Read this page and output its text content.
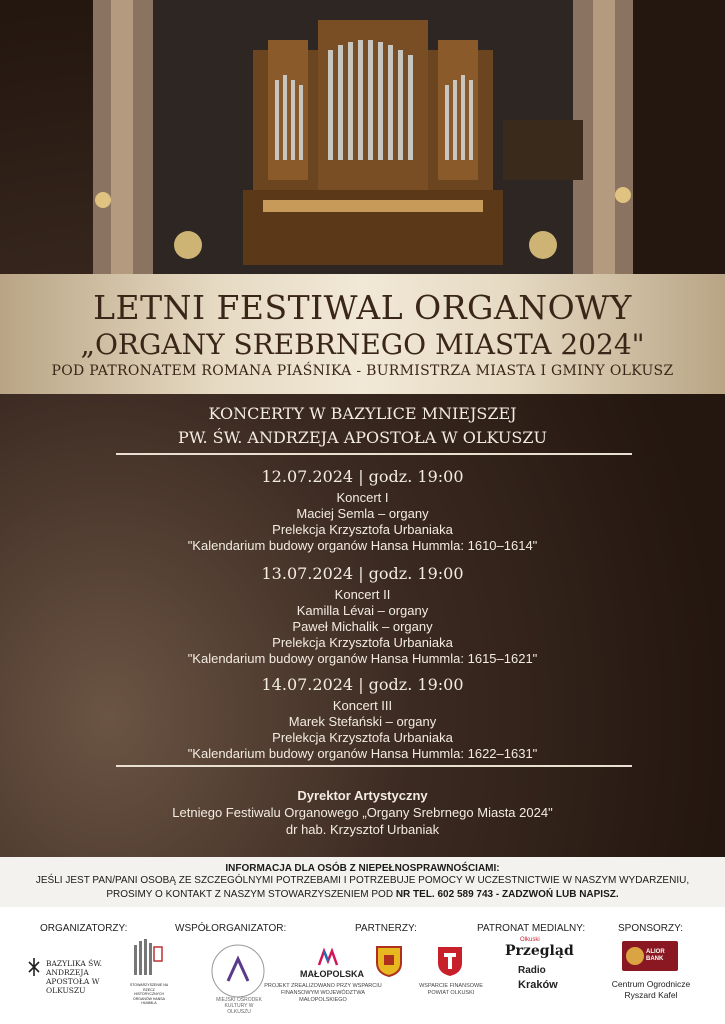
LETNI FESTIWAL ORGANOWY
„ORGANY SREBRNEGO MIASTA 2024"
POD PATRONATEM ROMANA PIAŚNIKA - BURMISTRZA MIASTA I GMINY OLKUSZ
KONCERTY W BAZYLICE MNIEJSZEJ
PW. ŚW. ANDRZEJA APOSTOŁA W OLKUSZU
12.07.2024 | godz. 19:00
Koncert I
Maciej Semla – organy
Prelekcja Krzysztofa Urbaniaka
"Kalendarium budowy organów Hansa Hummla: 1610–1614"
13.07.2024 | godz. 19:00
Koncert II
Kamilla Lévai – organy
Paweł Michalik – organy
Prelekcja Krzysztofa Urbaniaka
"Kalendarium budowy organów Hansa Hummla: 1615–1621"
14.07.2024 | godz. 19:00
Koncert III
Marek Stefański – organy
Prelekcja Krzysztofa Urbaniaka
"Kalendarium budowy organów Hansa Hummla: 1622–1631"
Dyrektor Artystyczny
Letniego Festiwalu Organowego „Organy Srebrnego Miasta 2024"
dr hab. Krzysztof Urbaniak
INFORMACJA DLA OSÓB Z NIEPEŁNOSPRAWNOŚCIAMI:
JEŚLI JEST PAN/PANI OSOBĄ ZE SZCZEGÓLNYMI POTRZEBAMI I POTRZEBUJE POMOCY W UCZESTNICTWIE W NASZYM WYDARZENIU,
PROSIMY O KONTAKT Z NASZYM STOWARZYSZENIEM POD NR TEL. 602 589 743 - ZADZWOŃ LUB NAPISZ.
ORGANIZATORZY:	WSPÓŁORGANIZATOR:	PARTNERZY:	PATRONAT MEDIALNY:	SPONSORZY:
BAZYLIKA ŚW. ANDRZEJA APOSTOŁA W OLKUSZU
STOWARZYSZENIE NA RZECZ HISTORYCZNYCH ORGANÓW HANSA HUMMLA	MIEJSKI OŚRODEK KULTURY W OLKUSZU
MAŁOPOLSKA
PROJEKT ZREALIZOWANO PRZY WSPARCIU FINANSOWYM WOJEWÓDZTWA MAŁOPOLSKIEGO
WSPARCIE FINANSOWE POWIAT OLKUSKI
Olkuski
Przegląd
Radio
Kraków
ALIOR BANK
Centrum Ogrodnicze
Ryszard Kafel
